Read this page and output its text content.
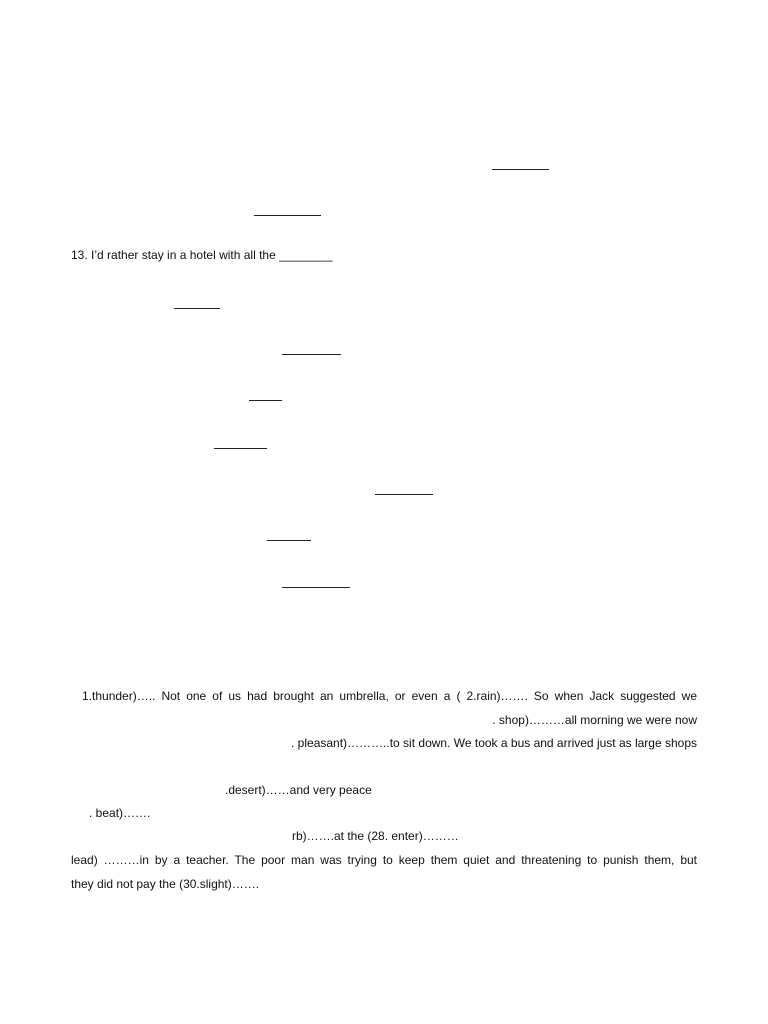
13. I’d rather stay in a hotel with all the ________
1.thunder)….. Not one of us had brought an umbrella, or even a ( 2.rain)……. So when Jack suggested we
. shop)………all morning we were now
. pleasant)………..to sit down. We took a bus and arrived just as large shops
.desert)……and very peace
. beat)…….
rb)…….at the (28. enter)………
lead) ………in by a teacher. The poor man was trying to keep them quiet and threatening to punish them, but
they did not pay the (30.slight)…….
